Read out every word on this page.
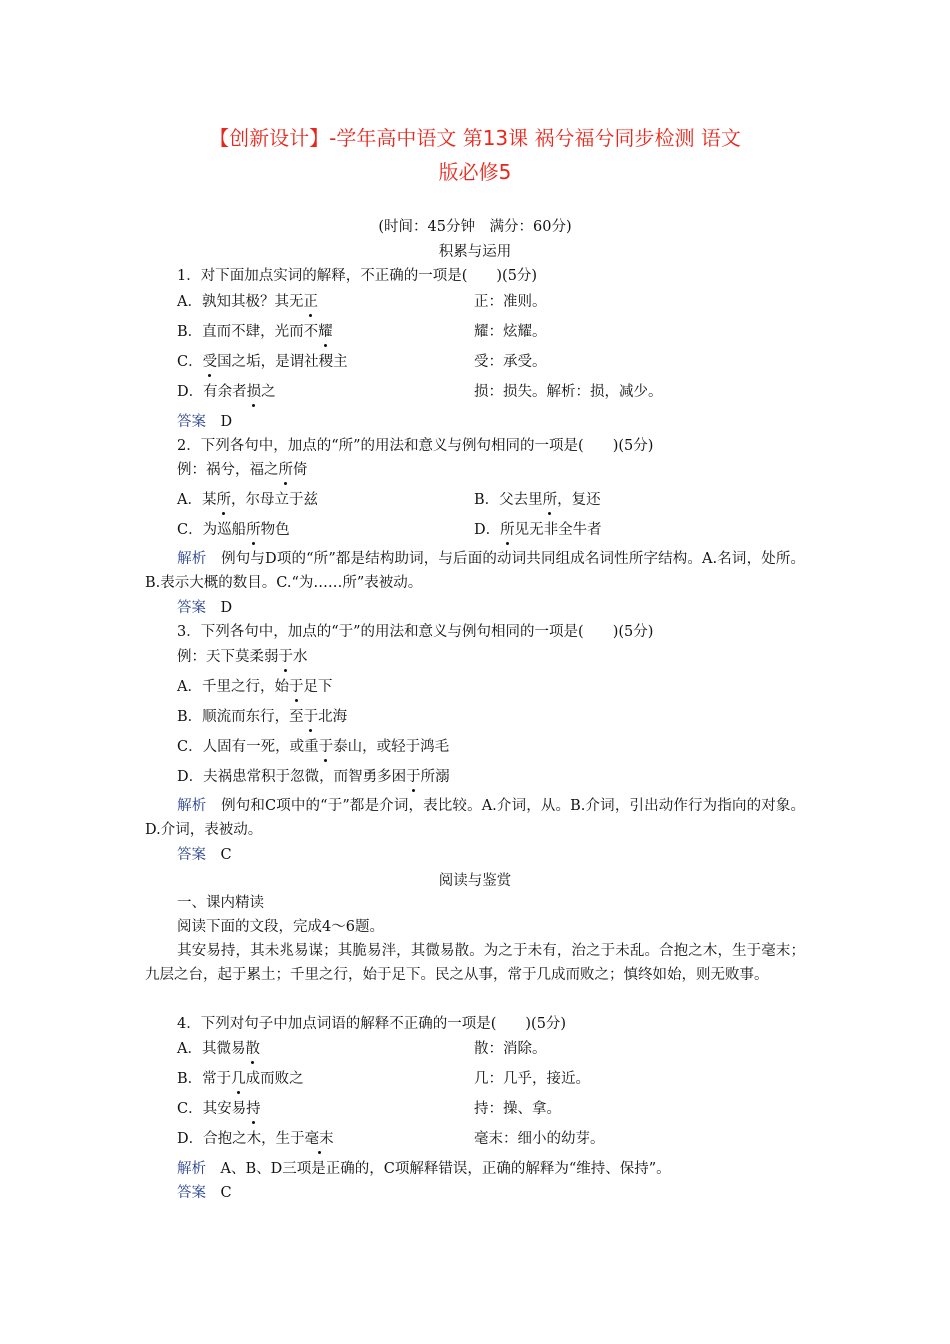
【创新设计】-学年高中语文 第13课 祸兮福兮同步检测 语文
版必修5
(时间：45分钟　满分：60分)
积累与运用
1．对下面加点实词的解释，不正确的一项是(　　)(5分)
A．孰知其极？其无正	正：准则。
B．直而不肆，光而不耀	耀：炫耀。
C．受国之垢，是谓社稷主	受：承受。
D．有余者损之	损：损失。解析：损，减少。
答案　 D
2．下列各句中，加点的“所”的用法和意义与例句相同的一项是(　　)(5分)
例：祸兮，福之所倚
A．某所，尔母立于兹	B．父去里所，复还
C．为巡船所物色	D．所见无非全牛者
解析　 例句与D项的“所”都是结构助词，与后面的动词共同组成名词性所字结构。A.名词，处所。B.表示大概的数目。C.“为……所”表被动。
答案　 D
3．下列各句中，加点的“于”的用法和意义与例句相同的一项是(　　)(5分)
例：天下莫柔弱于水
A．千里之行，始于足下
B．顺流而东行，至于北海
C．人固有一死，或重于泰山，或轻于鸿毛
D．夫祸患常积于忽微，而智勇多困于所溺
解析　 例句和C项中的“于”都是介词，表比较。A.介词，从。B.介词，引出动作行为指向的对象。D.介词，表被动。
答案　 C
阅读与鉴赏
一、课内精读
阅读下面的文段，完成4～6题。
其安易持，其未兆易谋；其脆易泮，其微易散。为之于未有，治之于未乱。合抱之木，生于毫末；九层之台，起于累土；千里之行，始于足下。民之从事，常于几成而败之；慎终如始，则无败事。
4．下列对句子中加点词语的解释不正确的一项是(　　)(5分)
A．其微易散	散：消除。
B．常于几成而败之	几：几乎，接近。
C．其安易持	持：操、拿。
D．合抱之木，生于毫末	毫末：细小的幼芽。
解析　 A、B、D三项是正确的，C项解释错误，正确的解释为“维持、保持”。
答案　 C
